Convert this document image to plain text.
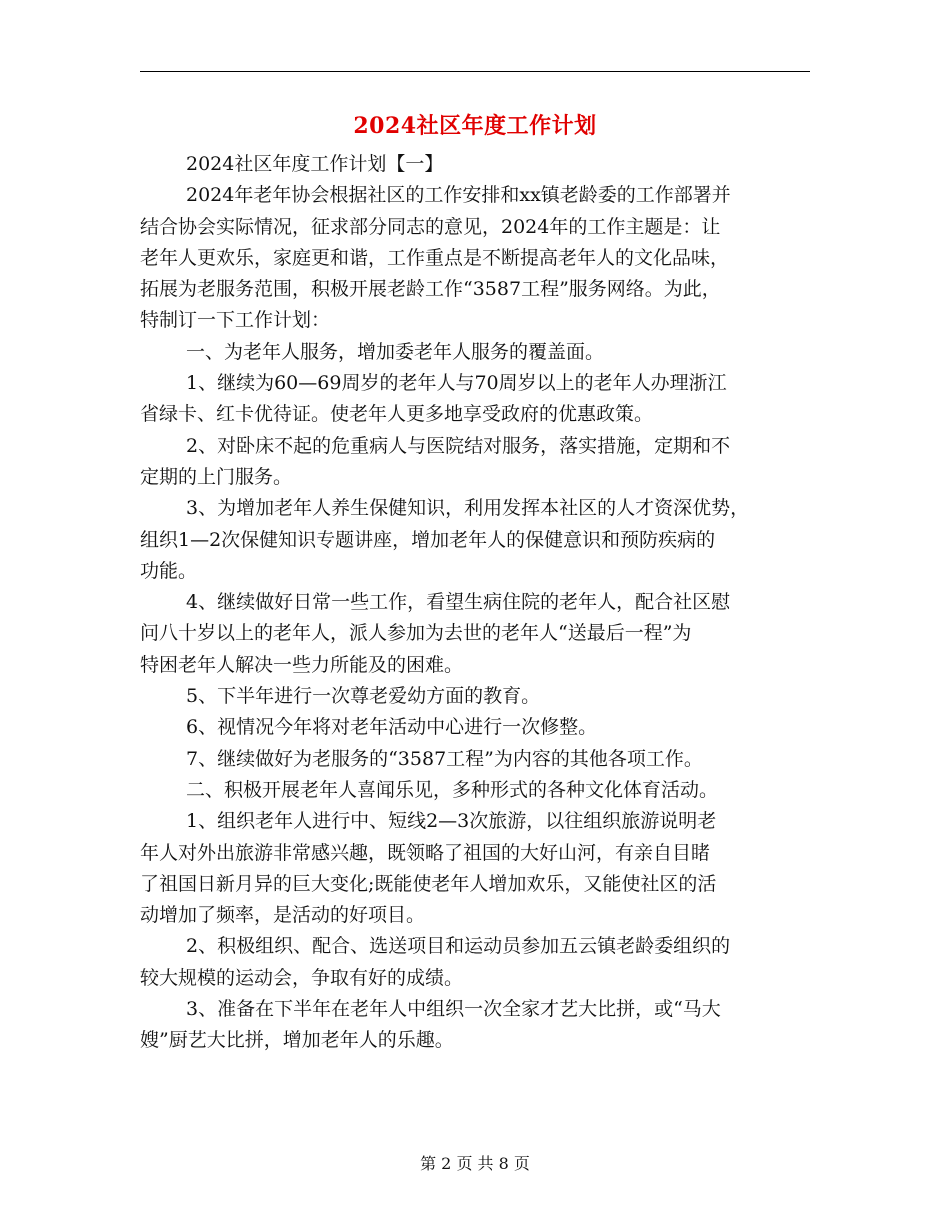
2024社区年度工作计划
2024社区年度工作计划【一】
2024年老年协会根据社区的工作安排和xx镇老龄委的工作部署并
结合协会实际情况，征求部分同志的意见，2024年的工作主题是：让
老年人更欢乐，家庭更和谐，工作重点是不断提高老年人的文化品味，
拓展为老服务范围，积极开展老龄工作“3587工程”服务网络。为此，
特制订一下工作计划：
一、为老年人服务，增加委老年人服务的覆盖面。
1、继续为60—69周岁的老年人与70周岁以上的老年人办理浙江
省绿卡、红卡优待证。使老年人更多地享受政府的优惠政策。
2、对卧床不起的危重病人与医院结对服务，落实措施，定期和不
定期的上门服务。
3、为增加老年人养生保健知识，利用发挥本社区的人才资深优势，
组织1—2次保健知识专题讲座，增加老年人的保健意识和预防疾病的
功能。
4、继续做好日常一些工作，看望生病住院的老年人，配合社区慰
问八十岁以上的老年人，派人参加为去世的老年人“送最后一程”为
特困老年人解决一些力所能及的困难。
5、下半年进行一次尊老爱幼方面的教育。
6、视情况今年将对老年活动中心进行一次修整。
7、继续做好为老服务的“3587工程”为内容的其他各项工作。
二、积极开展老年人喜闻乐见，多种形式的各种文化体育活动。
1、组织老年人进行中、短线2—3次旅游，以往组织旅游说明老
年人对外出旅游非常感兴趣，既领略了祖国的大好山河，有亲自目睹
了祖国日新月异的巨大变化;既能使老年人增加欢乐，又能使社区的活
动增加了频率，是活动的好项目。
2、积极组织、配合、选送项目和运动员参加五云镇老龄委组织的
较大规模的运动会，争取有好的成绩。
3、准备在下半年在老年人中组织一次全家才艺大比拼，或“马大
嫂”厨艺大比拼，增加老年人的乐趣。
第 2 页 共 8 页
